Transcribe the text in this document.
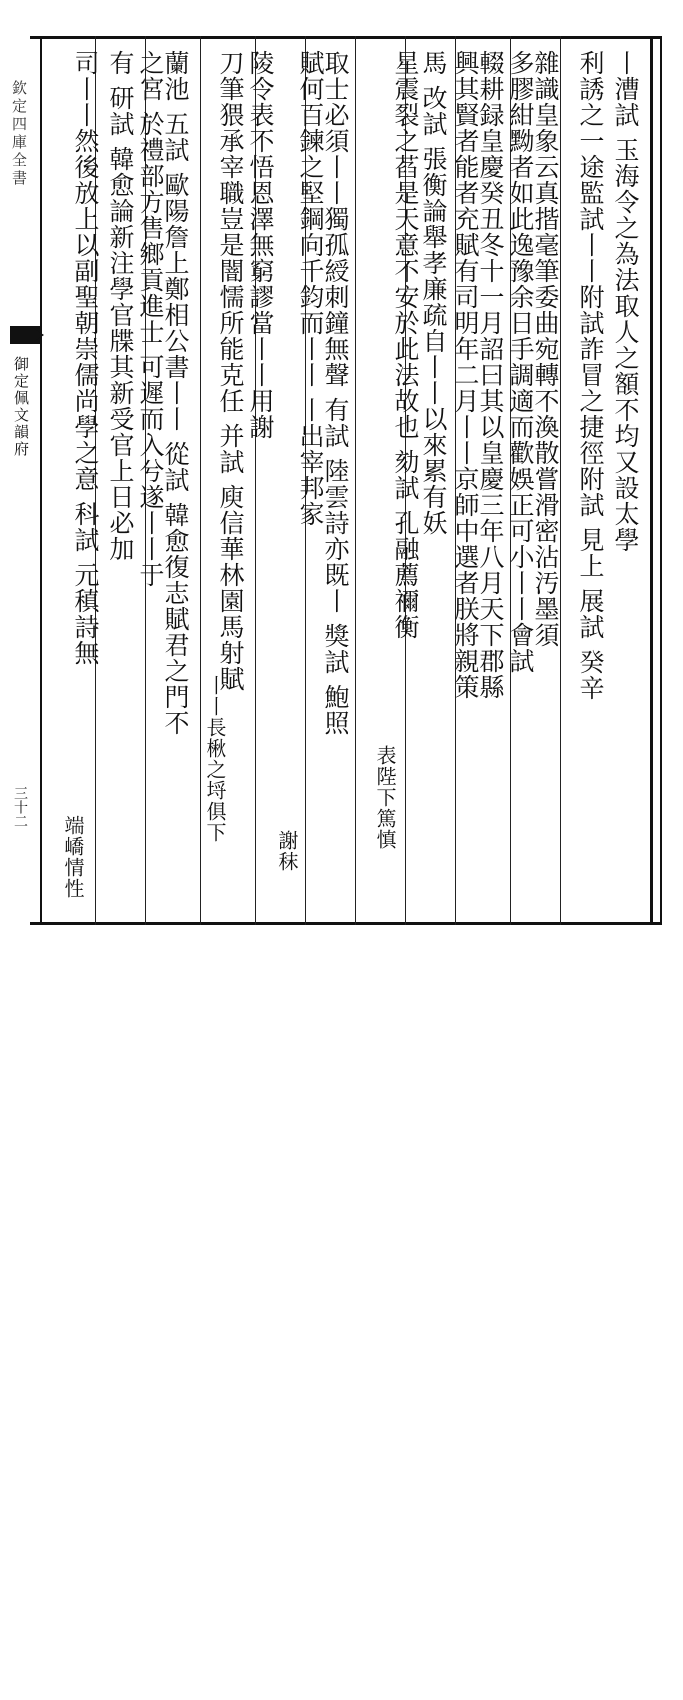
欽定四庫全書
御定佩文韻府
三十二
丨漕試 玉海令之為法取人之額不均又設太學
利誘之一途監試丨丨附試詐冒之捷徑附試 見上 展試 癸辛
雜識皇象云真揩毫筆委曲宛轉不渙散嘗滑密沾汚墨須
多膠紺黝者如此逸豫余日手調適而歡娛正可小丨丨會試
輟耕録皇慶癸丑冬十一月詔曰其以皇慶三年八月天下郡縣
興其賢者能者充賦有司明年二月丨丨京師中選者朕將親策
馬 改試 張衡論舉孝廉疏自丨丨以來累有妖
星震裂之萏是天意不安於此法故也 劾試 孔融薦禰衡
表陛下篤慎
取士必須丨丨獨孤綬刺鐘無聲 有試 陸雲詩亦既丨 獎試 鮑照
賦何百鍊之堅鋼向千鈞而丨丨 丨出宰邦家
謝秣
陵令表不悟恩澤無窮謬當丨丨用謝
刀筆猥承宰職豈是闇懦所能克任 并試 庾信華林園馬射賦
丨丨長楸之埒俱下
蘭池 五試 歐陽詹上鄭相公書丨丨 從試 韓愈復志賦君之門不
之宮 於禮部方售鄉貢進士 可遲而入兮遂丨丨于
有 研試 韓愈論新注學官牒其新受官上日必加
司丨丨然後放上以副聖朝崇儒尚學之意 科試 元稹詩無
端嶠情性
